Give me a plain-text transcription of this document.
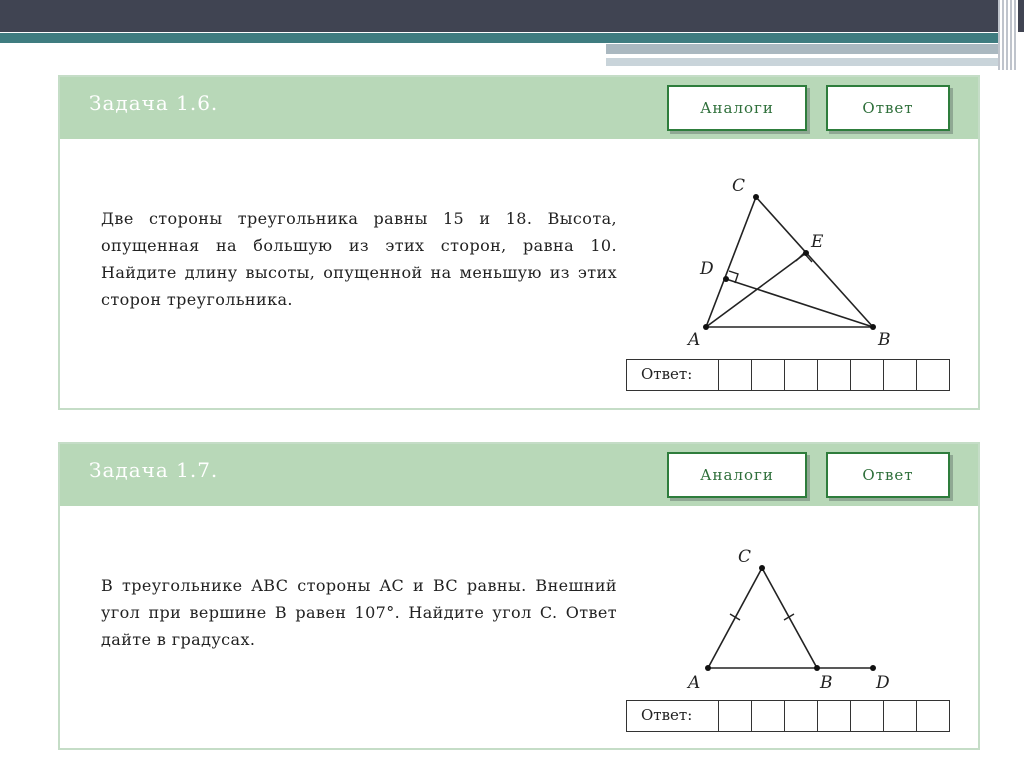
Задача 1.6.	Аналоги	Ответ
Две стороны треугольника равны 15 и 18. Высота, опущенная на большую из этих сторон, равна 10. Найдите длину высоты, опущенной на меньшую из этих сторон треугольника.
A	B
C
D
E
Ответ:
Задача 1.7.	Аналоги	Ответ
В треугольнике ABC стороны AC и BC равны. Внешний угол при вершине B равен 107°. Найдите угол C. Ответ дайте в градусах.
A	B
C
D
Ответ:
